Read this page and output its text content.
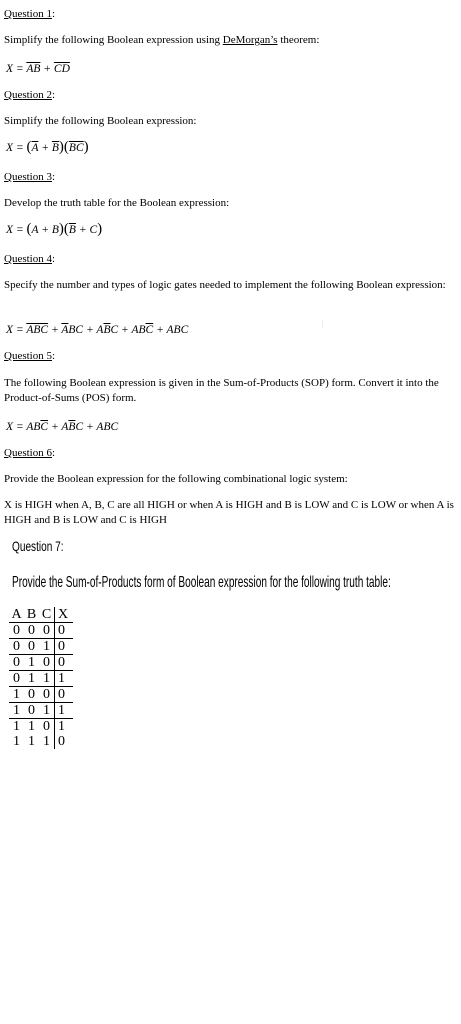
Question 1:
Simplify the following Boolean expression using DeMorgan’s theorem:
$X = \overline{AB} + \overline{CD}$
Question 2:
Simplify the following Boolean expression:
$X = (\overline{A} + \overline{B})(\overline{BC})$
Question 3:
Develop the truth table for the Boolean expression:
$X = (A + B)(\overline{B} + C)$
Question 4:
Specify the number and types of logic gates needed to implement the following Boolean expression:
$X = \overline{ABC} + \overline{A}BC + A\overline{B}C + AB\overline{C}$ + ABC
Question 5:
The following Boolean expression is given in the Sum-of-Products (SOP) form. Convert it into the Product-of-Sums (POS) form.
$X = AB\overline{C} + A\overline{B}C$ + ABC
Question 6:
Provide the Boolean expression for the following combinational logic system:
X is HIGH when A, B, C are all HIGH or when A is HIGH and B is LOW and C is LOW or when A is HIGH and B is LOW and C is HIGH
Question 7:
Provide the Sum-of-Products form of Boolean expression for the following truth table:
A	B	C	X
0	0	0	0
0	0	1	0
0	1	0	0
0	1	1	1
1	0	0	0
1	0	1	1
1	1	0	1
1	1	1	0
